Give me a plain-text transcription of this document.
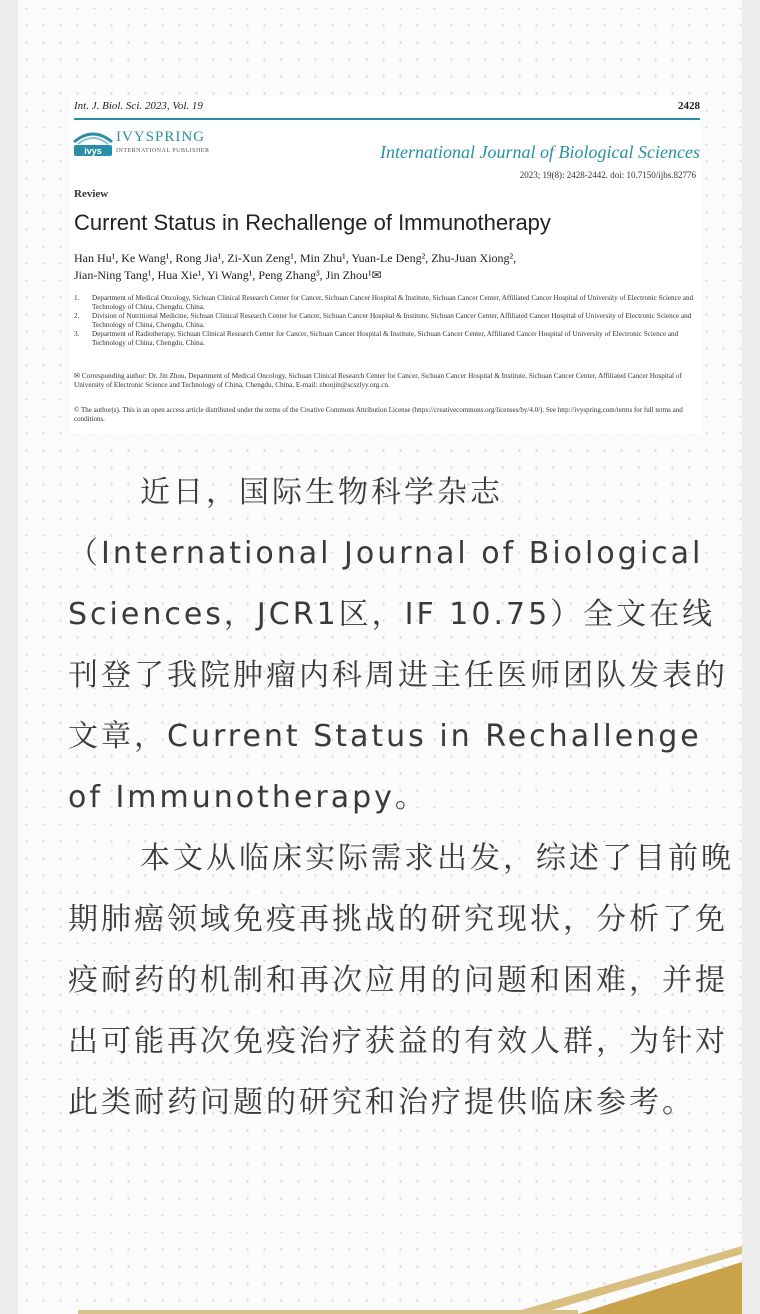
Int. J. Biol. Sci. 2023, Vol. 19	2428
ivys
IVYSPRING
INTERNATIONAL PUBLISHER	International Journal of Biological Sciences
2023; 19(8): 2428-2442. doi: 10.7150/ijbs.82776
Review
Current Status in Rechallenge of Immunotherapy
Han Hu¹, Ke Wang¹, Rong Jia¹, Zi-Xun Zeng¹, Min Zhu¹, Yuan-Le Deng², Zhu-Juan Xiong²,
Jian-Ning Tang¹, Hua Xie¹, Yi Wang¹, Peng Zhang³, Jin Zhou¹✉
1.	Department of Medical Oncology, Sichuan Clinical Research Center for Cancer, Sichuan Cancer Hospital & Institute, Sichuan Cancer Center, Affiliated Cancer Hospital of University of Electronic Science and Technology of China, Chengdu, China.
2.	Division of Nutritional Medicine, Sichuan Clinical Research Center for Cancer, Sichuan Cancer Hospital & Institute, Sichuan Cancer Center, Affiliated Cancer Hospital of University of Electronic Science and Technology of China, Chengdu, China.
3.	Department of Radiotherapy, Sichuan Clinical Research Center for Cancer, Sichuan Cancer Hospital & Institute, Sichuan Cancer Center, Affiliated Cancer Hospital of University of Electronic Science and Technology of China, Chengdu, China.
✉ Corresponding author: Dr. Jin Zhou, Department of Medical Oncology, Sichuan Clinical Research Center for Cancer, Sichuan Cancer Hospital & Institute, Sichuan Cancer Center, Affiliated Cancer Hospital of University of Electronic Science and Technology of China, Chengdu, China, E-mail: zhoujin@scszlyy.org.cn.
© The author(s). This is an open access article distributed under the terms of the Creative Commons Attribution License (https://creativecommons.org/licenses/by/4.0/). See http://ivyspring.com/terms for full terms and conditions.

近日，国际生物科学杂志（International Journal of Biological Sciences，JCR1区，IF 10.75）全文在线刊登了我院肿瘤内科周进主任医师团队发表的文章，Current Status in Rechallenge of Immunotherapy。

本文从临床实际需求出发，综述了目前晚期肺癌领域免疫再挑战的研究现状，分析了免疫耐药的机制和再次应用的问题和困难，并提出可能再次免疫治疗获益的有效人群，为针对此类耐药问题的研究和治疗提供临床参考。
